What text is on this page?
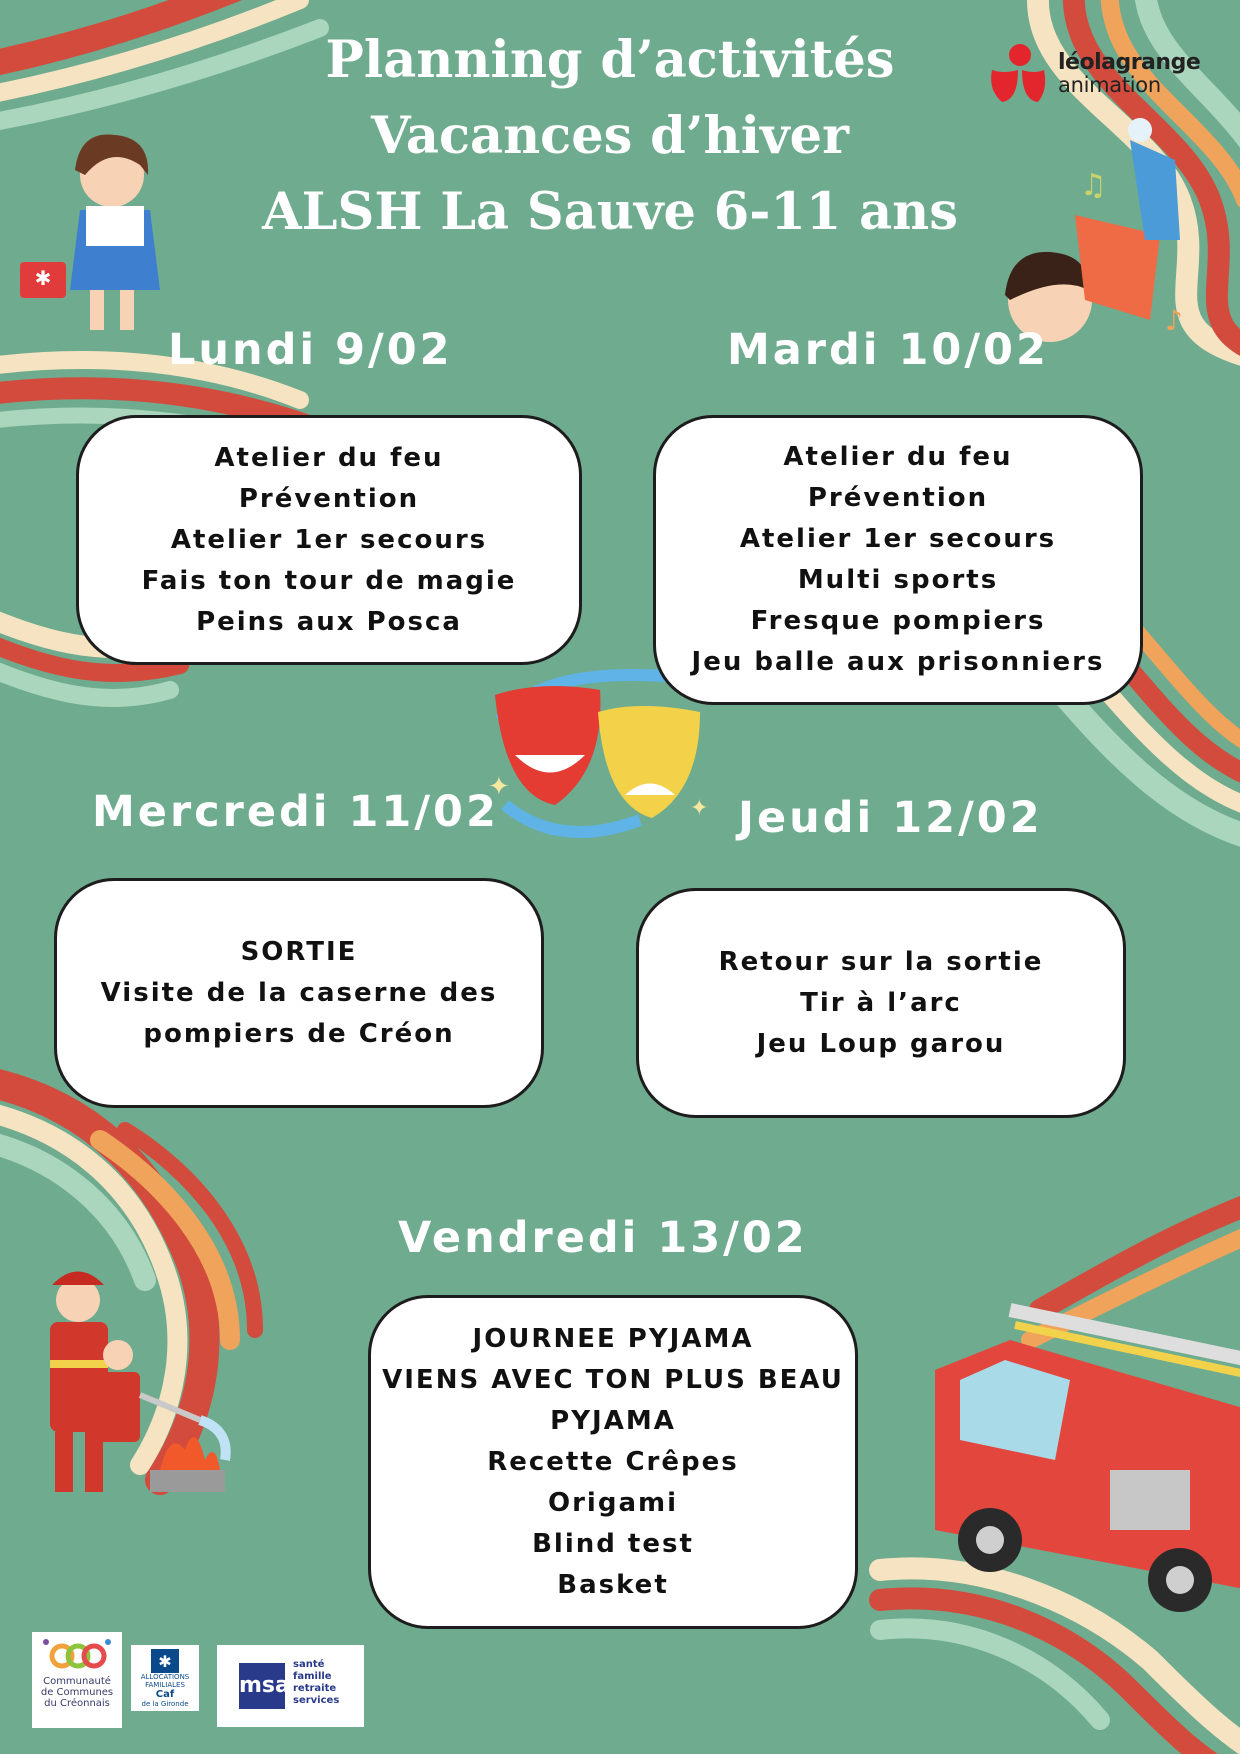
✱
♫
♪
✦
✦
Planning d’activités
Vacances d’hiver
ALSH La Sauve 6-11 ans
léolagrange
animation
Lundi 9/02
Atelier du feu
Prévention
Atelier 1er secours
Fais ton tour de magie
Peins aux Posca
Mardi 10/02
Atelier du feu
Prévention
Atelier 1er secours
Multi sports
Fresque pompiers
Jeu balle aux prisonniers
Mercredi 11/02
SORTIE
Visite de la caserne des
pompiers de Créon
Jeudi 12/02
Retour sur la sortie
Tir à l’arc
Jeu Loup garou
Vendredi 13/02
JOURNEE PYJAMA
VIENS AVEC TON PLUS BEAU
PYJAMA
Recette Crêpes
Origami
Blind test
Basket
Communauté
de Communes
du Créonnais
✱
ALLOCATIONS
FAMILIALES
Caf
de la Gironde
msa
santé
famille
retraite
services
